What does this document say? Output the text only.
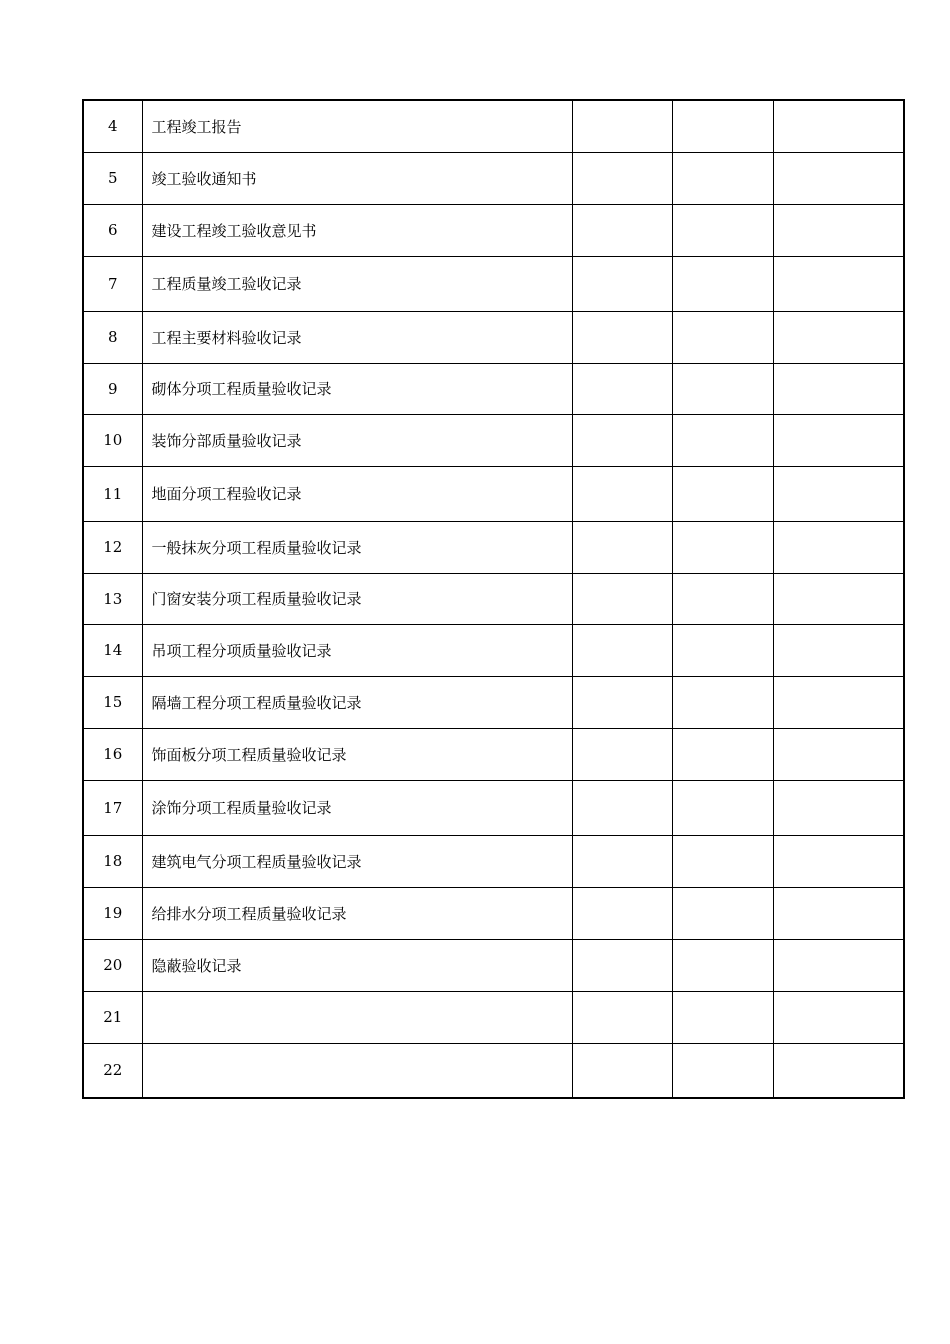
4	工程竣工报告			
5	竣工验收通知书			
6	建设工程竣工验收意见书			
7	工程质量竣工验收记录			
8	工程主要材料验收记录			
9	砌体分项工程质量验收记录			
10	装饰分部质量验收记录			
11	地面分项工程验收记录			
12	一般抹灰分项工程质量验收记录			
13	门窗安装分项工程质量验收记录			
14	吊项工程分项质量验收记录			
15	隔墙工程分项工程质量验收记录			
16	饰面板分项工程质量验收记录			
17	涂饰分项工程质量验收记录			
18	建筑电气分项工程质量验收记录			
19	给排水分项工程质量验收记录			
20	隐蔽验收记录			
21				
22				
